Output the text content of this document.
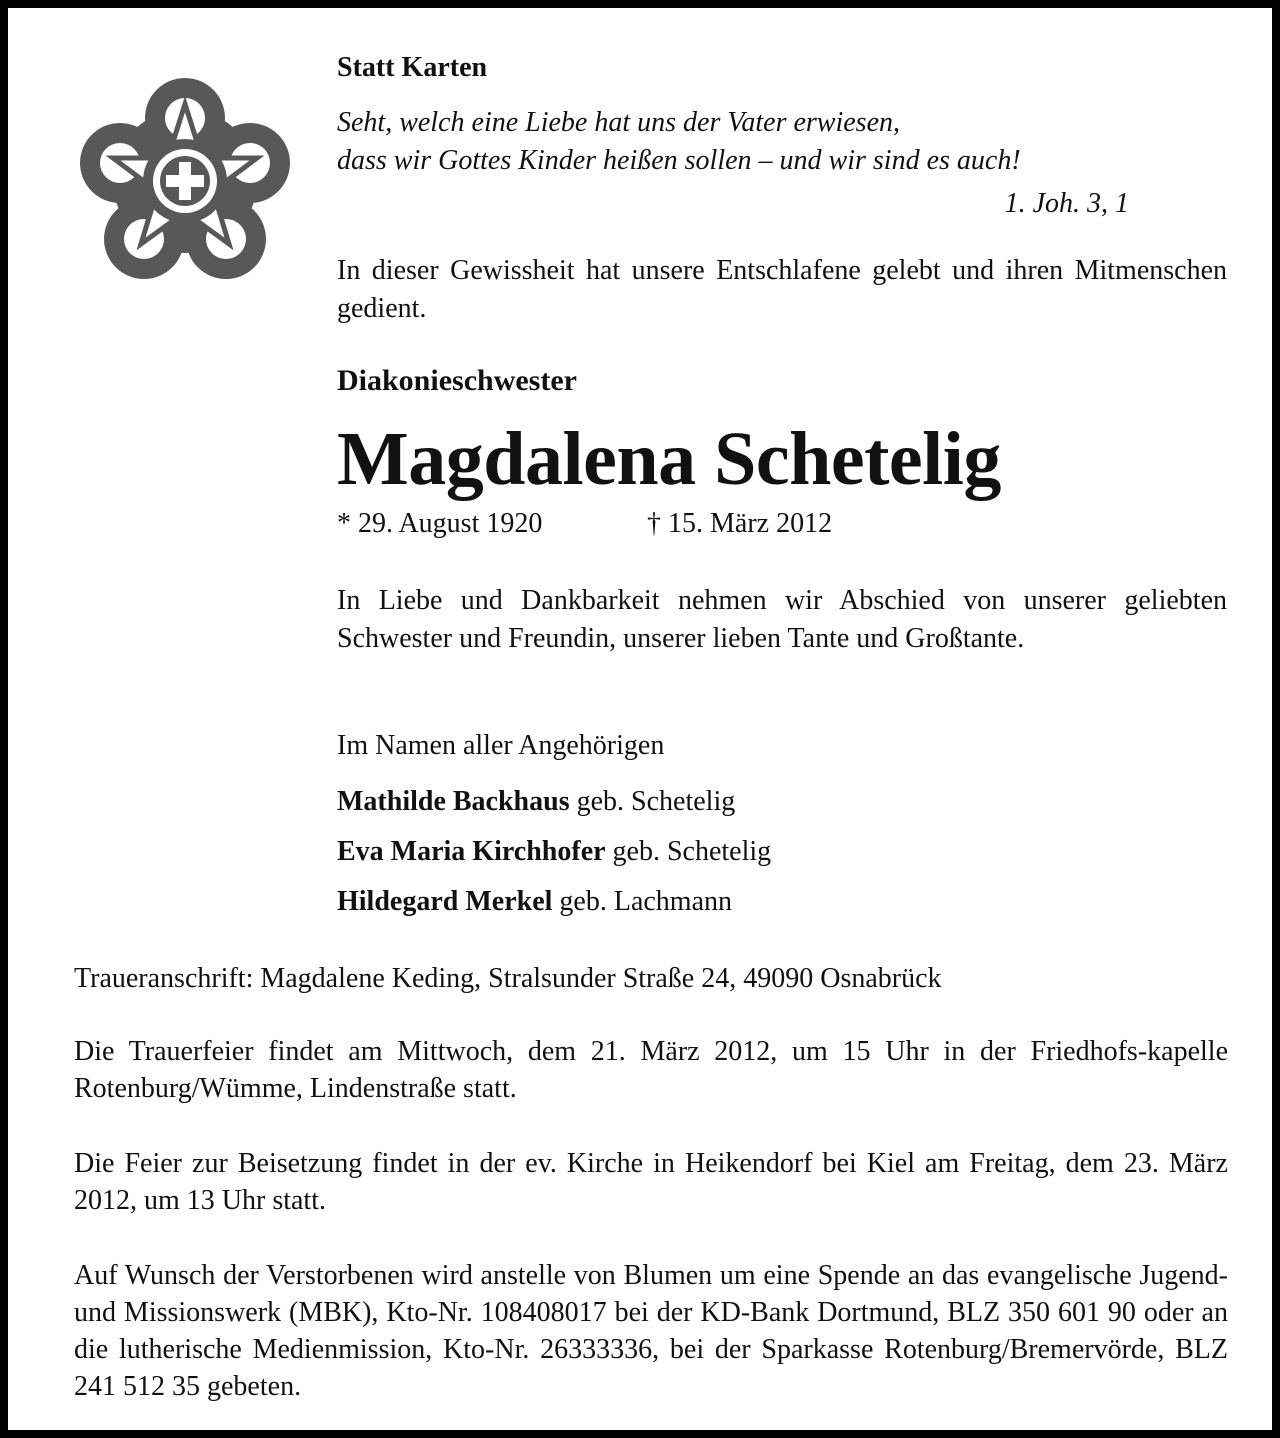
Statt Karten

Seht, welch eine Liebe hat uns der Vater erwiesen,
dass wir Gottes Kinder heißen sollen – und wir sind es auch!
1. Joh. 3, 1

In dieser Gewissheit hat unsere Entschlafene gelebt und ihren Mitmenschen gedient.

Diakonieschwester

Magdalena Schetelig

* 29. August 1920	† 15. März 2012

In Liebe und Dankbarkeit nehmen wir Abschied von unserer geliebten Schwester und Freundin, unserer lieben Tante und Großtante.

Im Namen aller Angehörigen

Mathilde Backhaus geb. Schetelig

Eva Maria Kirchhofer geb. Schetelig

Hildegard Merkel geb. Lachmann

Traueranschrift: Magdalene Keding, Stralsunder Straße 24, 49090 Osnabrück

Die Trauerfeier findet am Mittwoch, dem 21. März 2012, um 15 Uhr in der Friedhofs-kapelle Rotenburg/Wümme, Lindenstraße statt.

Die Feier zur Beisetzung findet in der ev. Kirche in Heikendorf bei Kiel am Freitag, dem 23. März 2012, um 13 Uhr statt.

Auf Wunsch der Verstorbenen wird anstelle von Blumen um eine Spende an das evangelische Jugend- und Missionswerk (MBK), Kto-Nr. 108408017 bei der KD-Bank Dortmund, BLZ 350 601 90 oder an die lutherische Medienmission, Kto-Nr. 26333336, bei der Sparkasse Rotenburg/Bremervörde, BLZ 241 512 35 gebeten.
